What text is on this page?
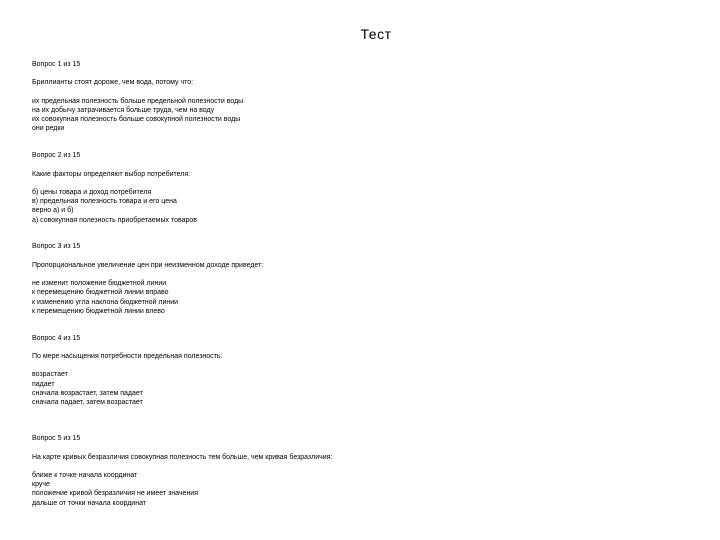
Тест
Вопрос 1 из 15
Бриллианты стоят дороже, чем вода, потому что:
их предельная полезность больше предельной полезности воды
на их добычу затрачивается больше труда, чем на воду
их совокупная полезность больше совокупной полезности воды
они редки
Вопрос 2 из 15
Какие факторы определяют выбор потребителя:
б) цены товара и доход потребителя
в) предельная полезность товара и его цена
верно а) и б)
а) совокупная полезность приобретаемых товаров
Вопрос 3 из 15
Пропорциональное увеличение цен при неизменном доходе приведет:
не изменит положение бюджетной линии
к перемещению бюджетной линии вправо
к изменению угла наклона бюджетной линии
к перемещению бюджетной линии влево
Вопрос 4 из 15
По мере насыщения потребности предельная полезность:
возрастает
падает
сначала возрастает, затем падает
сначала падает, затем возрастает
Вопрос 5 из 15
На карте кривых безразличия совокупная полезность тем больше, чем кривая безразличия:
ближе к точке начала координат
круче
положение кривой безразличия не имеет значения
дальше от точки начала координат
